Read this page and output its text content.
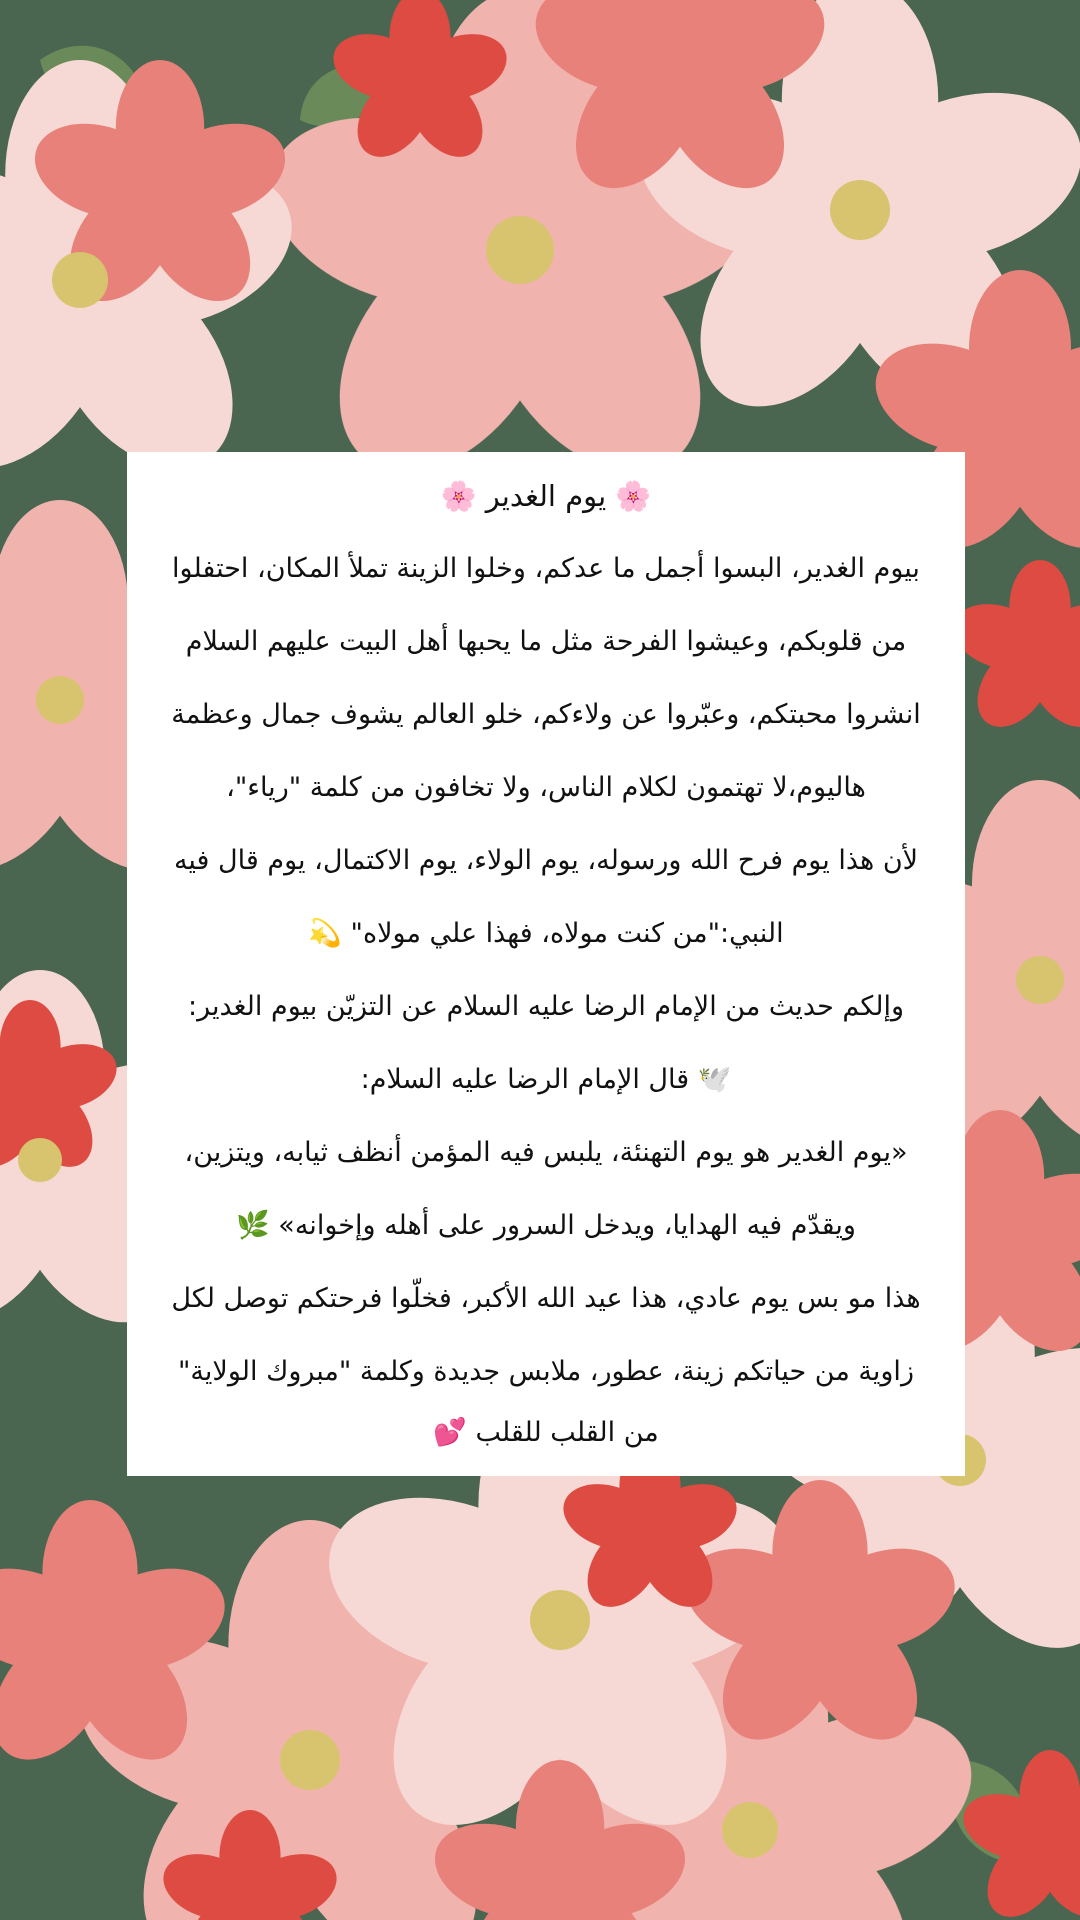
🌸 يوم الغدير 🌸
بيوم الغدير، البسوا أجمل ما عدكم، وخلوا الزينة تملأ المكان، احتفلوا
من قلوبكم، وعيشوا الفرحة مثل ما يحبها أهل البيت عليهم السلام
انشروا محبتكم، وعبّروا عن ولاءكم، خلو العالم يشوف جمال وعظمة
هاليوم،لا تهتمون لكلام الناس، ولا تخافون من كلمة "رياء"،
لأن هذا يوم فرح الله ورسوله، يوم الولاء، يوم الاكتمال، يوم قال فيه
النبي:"من كنت مولاه، فهذا علي مولاه" 💫
وإلكم حديث من الإمام الرضا عليه السلام عن التزيّن بيوم الغدير:
🕊️ قال الإمام الرضا عليه السلام:
«يوم الغدير هو يوم التهنئة، يلبس فيه المؤمن أنظف ثيابه، ويتزين،
ويقدّم فيه الهدايا، ويدخل السرور على أهله وإخوانه» 🌿
هذا مو بس يوم عادي، هذا عيد الله الأكبر، فخلّوا فرحتكم توصل لكل
زاوية من حياتكم زينة، عطور، ملابس جديدة وكلمة "مبروك الولاية"
من القلب للقلب 💕
